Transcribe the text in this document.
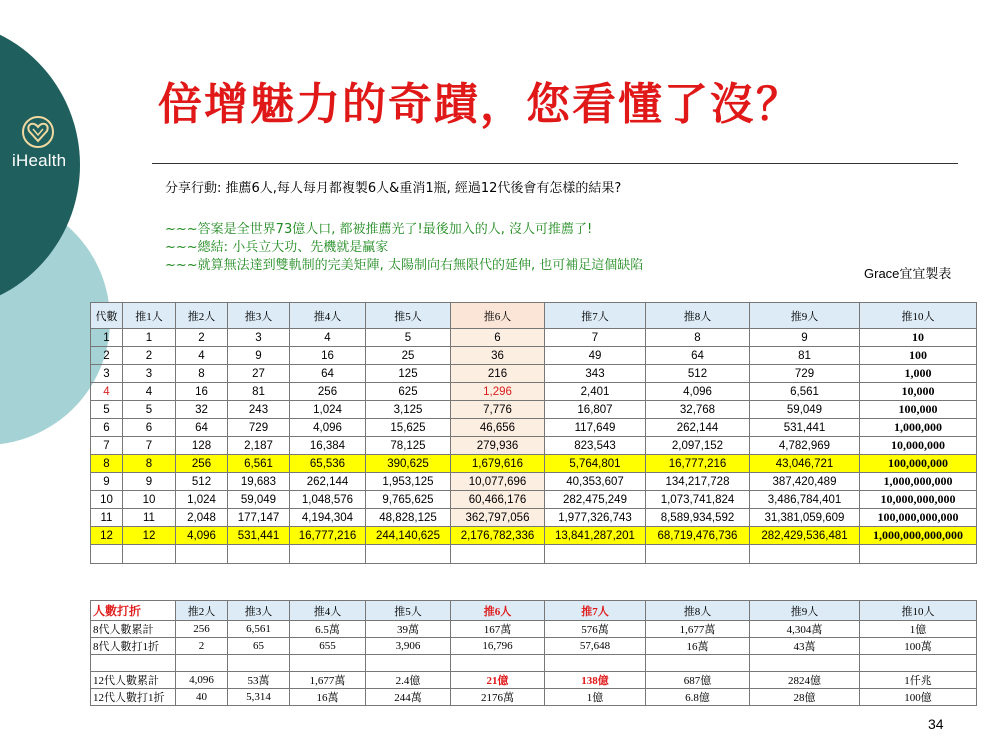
iHealth
倍增魅力的奇蹟，您看懂了沒？
分享行動: 推薦6人,每人每月都複製6人&重消1瓶, 經過12代後會有怎樣的結果?
~~~答案是全世界73億人口, 都被推薦光了!最後加入的人, 沒人可推薦了!
~~~總結: 小兵立大功、先機就是贏家
~~~就算無法達到雙軌制的完美矩陣, 太陽制向右無限代的延伸, 也可補足這個缺陷
Grace宜宜製表
代數	推1人	推2人	推3人	推4人	推5人	推6人	推7人	推8人	推9人	推10人
1	1	2	3	4	5	6	7	8	9	10
2	2	4	9	16	25	36	49	64	81	100
3	3	8	27	64	125	216	343	512	729	1,000
4	4	16	81	256	625	1,296	2,401	4,096	6,561	10,000
5	5	32	243	1,024	3,125	7,776	16,807	32,768	59,049	100,000
6	6	64	729	4,096	15,625	46,656	117,649	262,144	531,441	1,000,000
7	7	128	2,187	16,384	78,125	279,936	823,543	2,097,152	4,782,969	10,000,000
8	8	256	6,561	65,536	390,625	1,679,616	5,764,801	16,777,216	43,046,721	100,000,000
9	9	512	19,683	262,144	1,953,125	10,077,696	40,353,607	134,217,728	387,420,489	1,000,000,000
10	10	1,024	59,049	1,048,576	9,765,625	60,466,176	282,475,249	1,073,741,824	3,486,784,401	10,000,000,000
11	11	2,048	177,147	4,194,304	48,828,125	362,797,056	1,977,326,743	8,589,934,592	31,381,059,609	100,000,000,000
12	12	4,096	531,441	16,777,216	244,140,625	2,176,782,336	13,841,287,201	68,719,476,736	282,429,536,481	1,000,000,000,000

人數打折	推2人	推3人	推4人	推5人	推6人	推7人	推8人	推9人	推10人
8代人數累計	256	6,561	6.5萬	39萬	167萬	576萬	1,677萬	4,304萬	1億
8代人數打1折	2	65	655	3,906	16,796	57,648	16萬	43萬	100萬

12代人數累計	4,096	53萬	1,677萬	2.4億	21億	138億	687億	2824億	1仟兆
12代人數打1折	40	5,314	16萬	244萬	2176萬	1億	6.8億	28億	100億
34
